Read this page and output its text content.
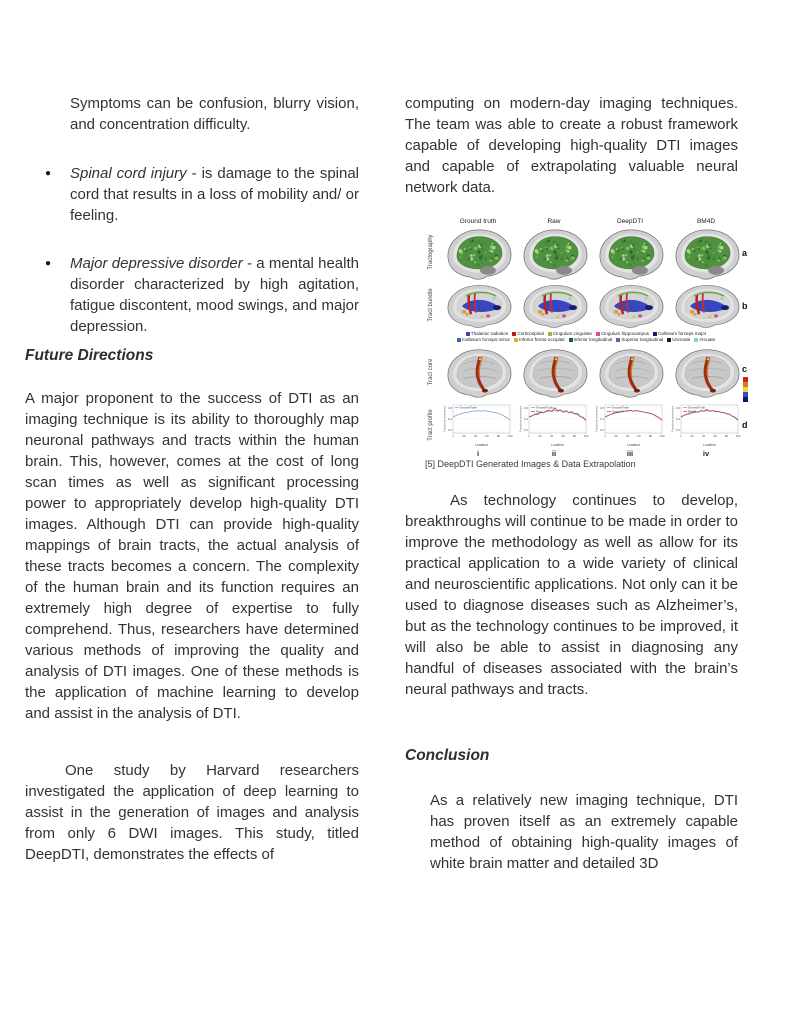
Symptoms can be confusion, blurry vision, and concentration difficulty.

●	Spinal cord injury - is damage to the spinal cord that results in a loss of mobility and/ or feeling.

●	Major depressive disorder - a mental health disorder characterized by high agitation, fatigue discontent, mood swings, and major depression.

Future Directions

A major proponent to the success of DTI as an imaging technique is its ability to thoroughly map neuronal pathways and tracts within the human brain. This, however, comes at the cost of long scan times as well as significant processing power to appropriately develop high-quality DTI images. Although DTI can provide high-quality mappings of brain tracts, the actual analysis of these tracts becomes a concern. The complexity of the human brain and its function requires an extremely high degree of expertise to fully comprehend. Thus, researchers have determined various methods of improving the quality and analysis of DTI images. One of these methods is the application of machine learning to develop and assist in the analysis of DTI.

One study by Harvard researchers investigated the application of deep learning to assist in the generation of images and analysis from only 6 DWI images. This study, titled DeepDTI, demonstrates the effects of

computing on modern-day imaging techniques. The team was able to create a robust framework capable of developing high-quality DTI images and capable of extrapolating valuable neural network data.

Ground truth	Raw	DeepDTI	BM4D
Tractography
Tract bundle
Tract core
Tract profile
Thalamic radiation Corticospinal Cingulum cingulate Cingulum hippocampus Callosum forceps major
Callosum forceps minor Inferior fronto-occipital Inferior longitudinal Superior longitudinal Uncinate Arcuate
0.2
0.4
0.6
1	20	40	60	80 100
GroundTruth
Location
Fractional anisotropy	0.2
0.4
0.6
1	20	40	60	80 100
GroundTruth
Raw
Location
Fractional anisotropy	0.2
0.4
0.6
1	20	40	60	80 100
GroundTruth
DeepDTI
Location
Fractional anisotropy	0.2
0.4
0.6
1	20	40	60	80 100
GroundTruth
BM4D
Location
Fractional anisotropy
i	ii	iii	iv
a
b
c
d
[5] DeepDTI Generated Images & Data Extrapolation

As technology continues to develop, breakthroughs will continue to be made in order to improve the methodology as well as allow for its practical application to a wide variety of clinical and neuroscientific applications. Not only can it be used to diagnose diseases such as Alzheimer’s, but as the technology continues to be improved, it will also be able to assist in diagnosing any handful of diseases associated with the brain’s neural pathways and tracts.

Conclusion

As a relatively new imaging technique, DTI has proven itself as an extremely capable method of obtaining high-quality images of white brain matter and detailed 3D
